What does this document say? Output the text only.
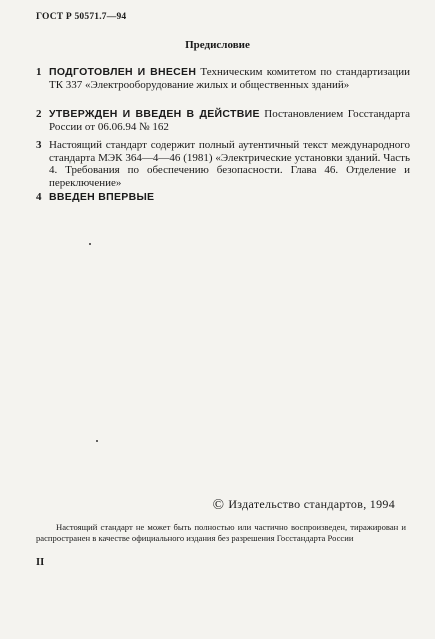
ГОСТ Р 50571.7—94
Предисловие
1 ПОДГОТОВЛЕН И ВНЕСЕН Техническим комитетом по стандартизации ТК 337 «Электрооборудование жилых и общественных зданий»
2 УТВЕРЖДЕН И ВВЕДЕН В ДЕЙСТВИЕ Постановлением Госстандарта России от 06.06.94 № 162
3 Настоящий стандарт содержит полный аутентичный текст международного стандарта МЭК 364—4—46 (1981) «Электрические установки зданий. Часть 4. Требования по обеспечению безопасности. Глава 46. Отделение и переключение»
4 ВВЕДЕН ВПЕРВЫЕ
© Издательство стандартов, 1994
Настоящий стандарт не может быть полностью или частично воспроизведен, тиражирован и распространен в качестве официального издания без разрешения Госстандарта России
II
